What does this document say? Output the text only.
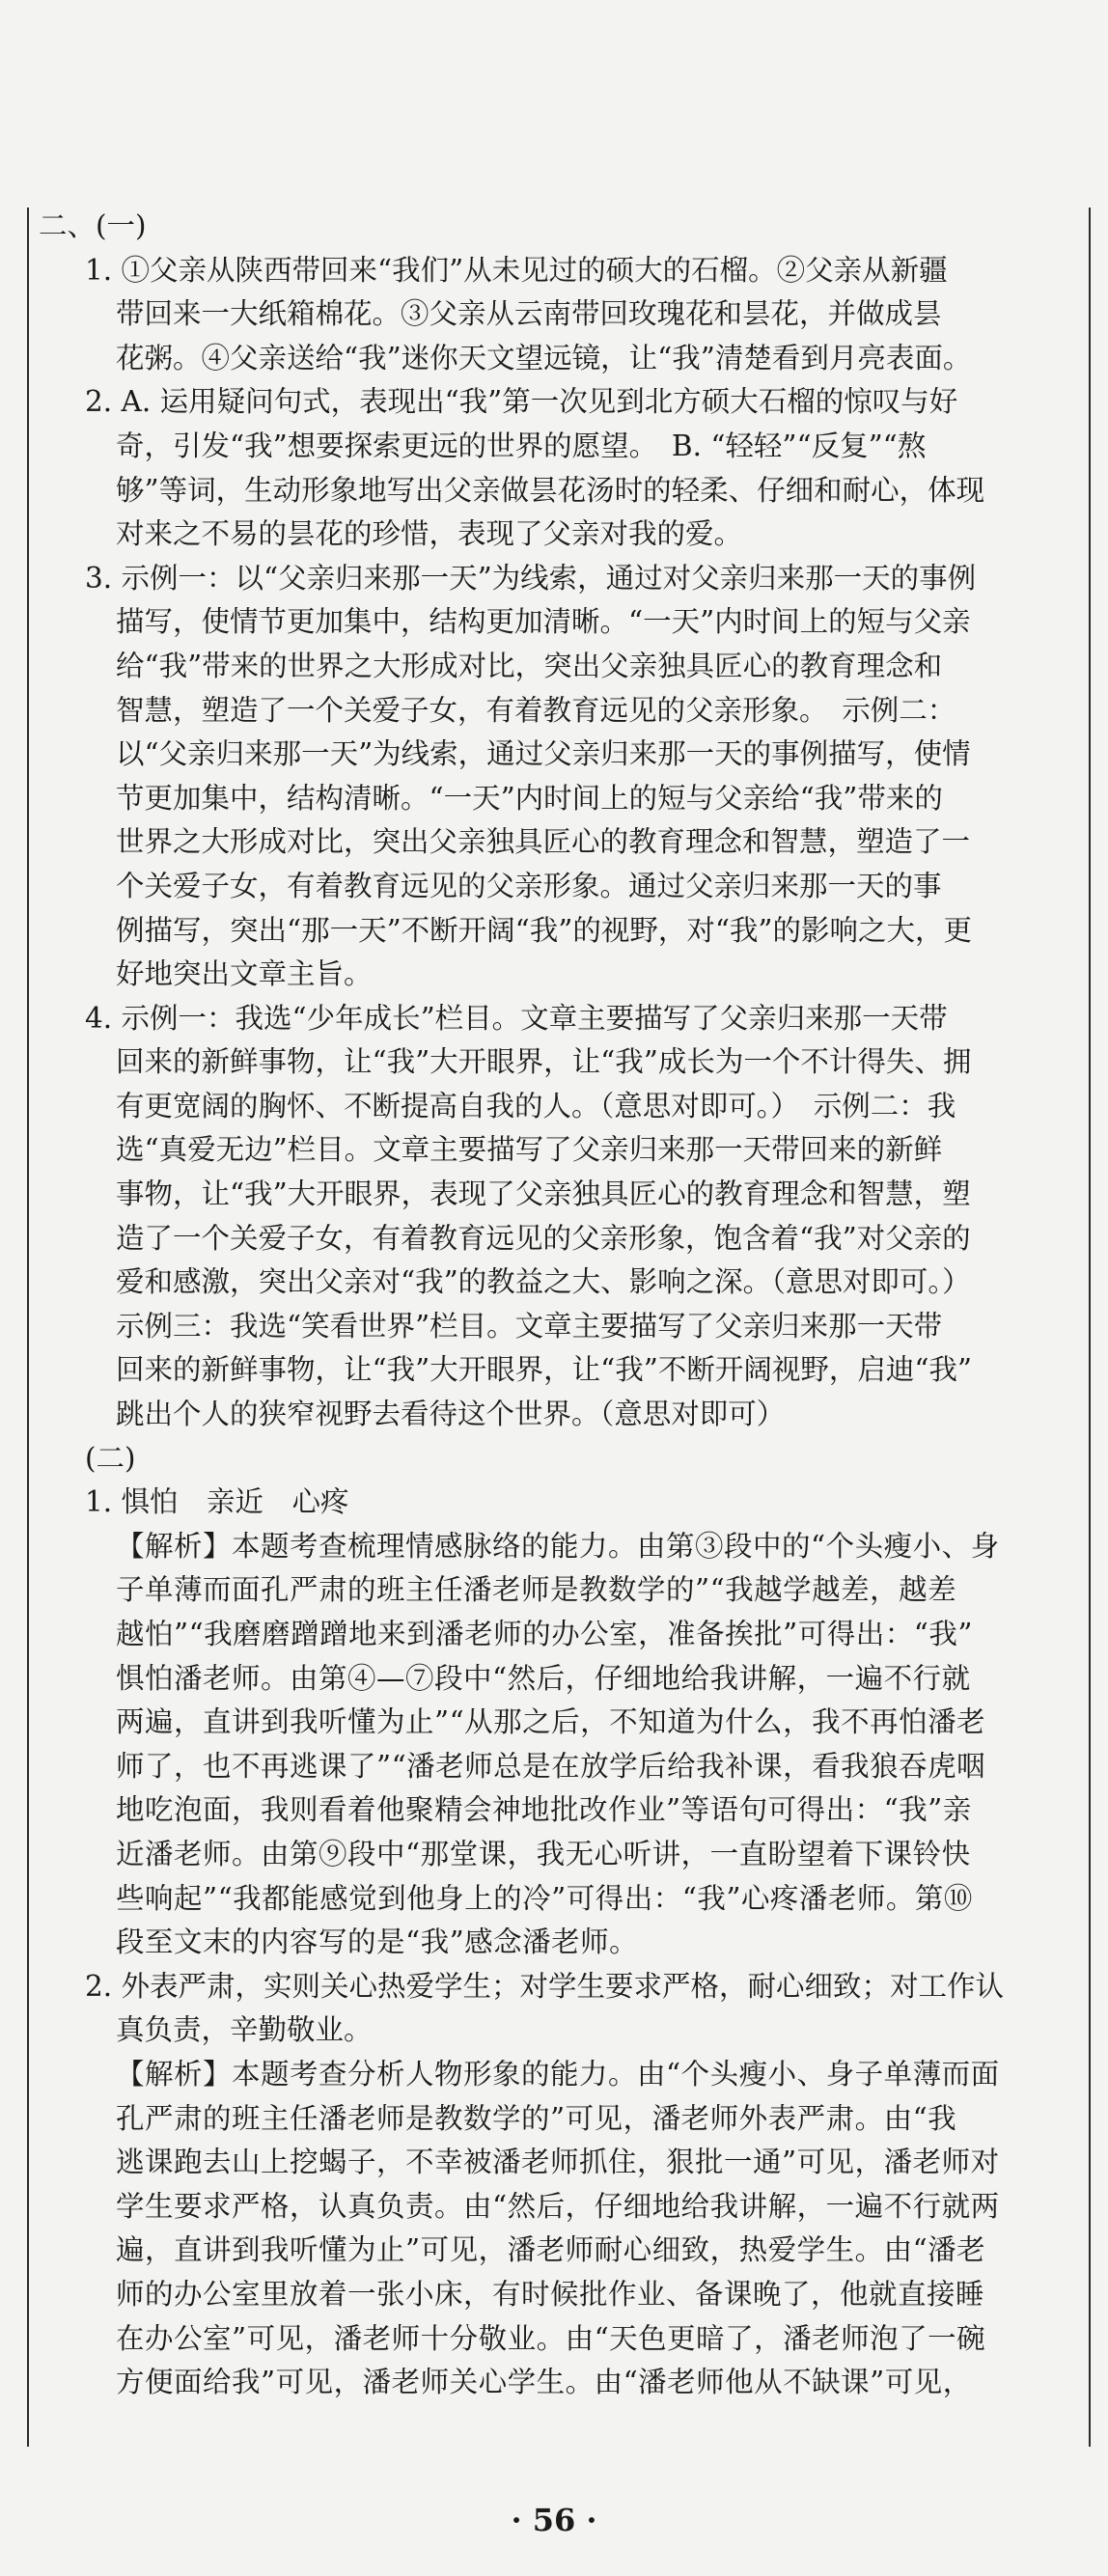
二、(一)
1. ①父亲从陕西带回来“我们”从未见过的硕大的石榴。②父亲从新疆
带回来一大纸箱棉花。③父亲从云南带回玫瑰花和昙花，并做成昙
花粥。④父亲送给“我”迷你天文望远镜，让“我”清楚看到月亮表面。
2. A. 运用疑问句式，表现出“我”第一次见到北方硕大石榴的惊叹与好
奇，引发“我”想要探索更远的世界的愿望。　B. “轻轻”“反复”“熬
够”等词，生动形象地写出父亲做昙花汤时的轻柔、仔细和耐心，体现
对来之不易的昙花的珍惜，表现了父亲对我的爱。
3. 示例一：以“父亲归来那一天”为线索，通过对父亲归来那一天的事例
描写，使情节更加集中，结构更加清晰。“一天”内时间上的短与父亲
给“我”带来的世界之大形成对比，突出父亲独具匠心的教育理念和
智慧，塑造了一个关爱子女，有着教育远见的父亲形象。　示例二：
以“父亲归来那一天”为线索，通过父亲归来那一天的事例描写，使情
节更加集中，结构清晰。“一天”内时间上的短与父亲给“我”带来的
世界之大形成对比，突出父亲独具匠心的教育理念和智慧，塑造了一
个关爱子女，有着教育远见的父亲形象。通过父亲归来那一天的事
例描写，突出“那一天”不断开阔“我”的视野，对“我”的影响之大，更
好地突出文章主旨。
4. 示例一：我选“少年成长”栏目。文章主要描写了父亲归来那一天带
回来的新鲜事物，让“我”大开眼界，让“我”成长为一个不计得失、拥
有更宽阔的胸怀、不断提高自我的人。（意思对即可。）　示例二：我
选“真爱无边”栏目。文章主要描写了父亲归来那一天带回来的新鲜
事物，让“我”大开眼界，表现了父亲独具匠心的教育理念和智慧，塑
造了一个关爱子女，有着教育远见的父亲形象，饱含着“我”对父亲的
爱和感激，突出父亲对“我”的教益之大、影响之深。（意思对即可。）
示例三：我选“笑看世界”栏目。文章主要描写了父亲归来那一天带
回来的新鲜事物，让“我”大开眼界，让“我”不断开阔视野，启迪“我”
跳出个人的狭窄视野去看待这个世界。（意思对即可）
(二)
1. 惧怕　亲近　心疼
【解析】本题考查梳理情感脉络的能力。由第③段中的“个头瘦小、身
子单薄而面孔严肃的班主任潘老师是教数学的”“我越学越差，越差
越怕”“我磨磨蹭蹭地来到潘老师的办公室，准备挨批”可得出：“我”
惧怕潘老师。由第④—⑦段中“然后，仔细地给我讲解，一遍不行就
两遍，直讲到我听懂为止”“从那之后，不知道为什么，我不再怕潘老
师了，也不再逃课了”“潘老师总是在放学后给我补课，看我狼吞虎咽
地吃泡面，我则看着他聚精会神地批改作业”等语句可得出：“我”亲
近潘老师。由第⑨段中“那堂课，我无心听讲，一直盼望着下课铃快
些响起”“我都能感觉到他身上的冷”可得出：“我”心疼潘老师。第⑩
段至文末的内容写的是“我”感念潘老师。
2. 外表严肃，实则关心热爱学生；对学生要求严格，耐心细致；对工作认
真负责，辛勤敬业。
【解析】本题考查分析人物形象的能力。由“个头瘦小、身子单薄而面
孔严肃的班主任潘老师是教数学的”可见，潘老师外表严肃。由“我
逃课跑去山上挖蝎子，不幸被潘老师抓住，狠批一通”可见，潘老师对
学生要求严格，认真负责。由“然后，仔细地给我讲解，一遍不行就两
遍，直讲到我听懂为止”可见，潘老师耐心细致，热爱学生。由“潘老
师的办公室里放着一张小床，有时候批作业、备课晚了，他就直接睡
在办公室”可见，潘老师十分敬业。由“天色更暗了，潘老师泡了一碗
方便面给我”可见，潘老师关心学生。由“潘老师他从不缺课”可见，
· 56 ·
